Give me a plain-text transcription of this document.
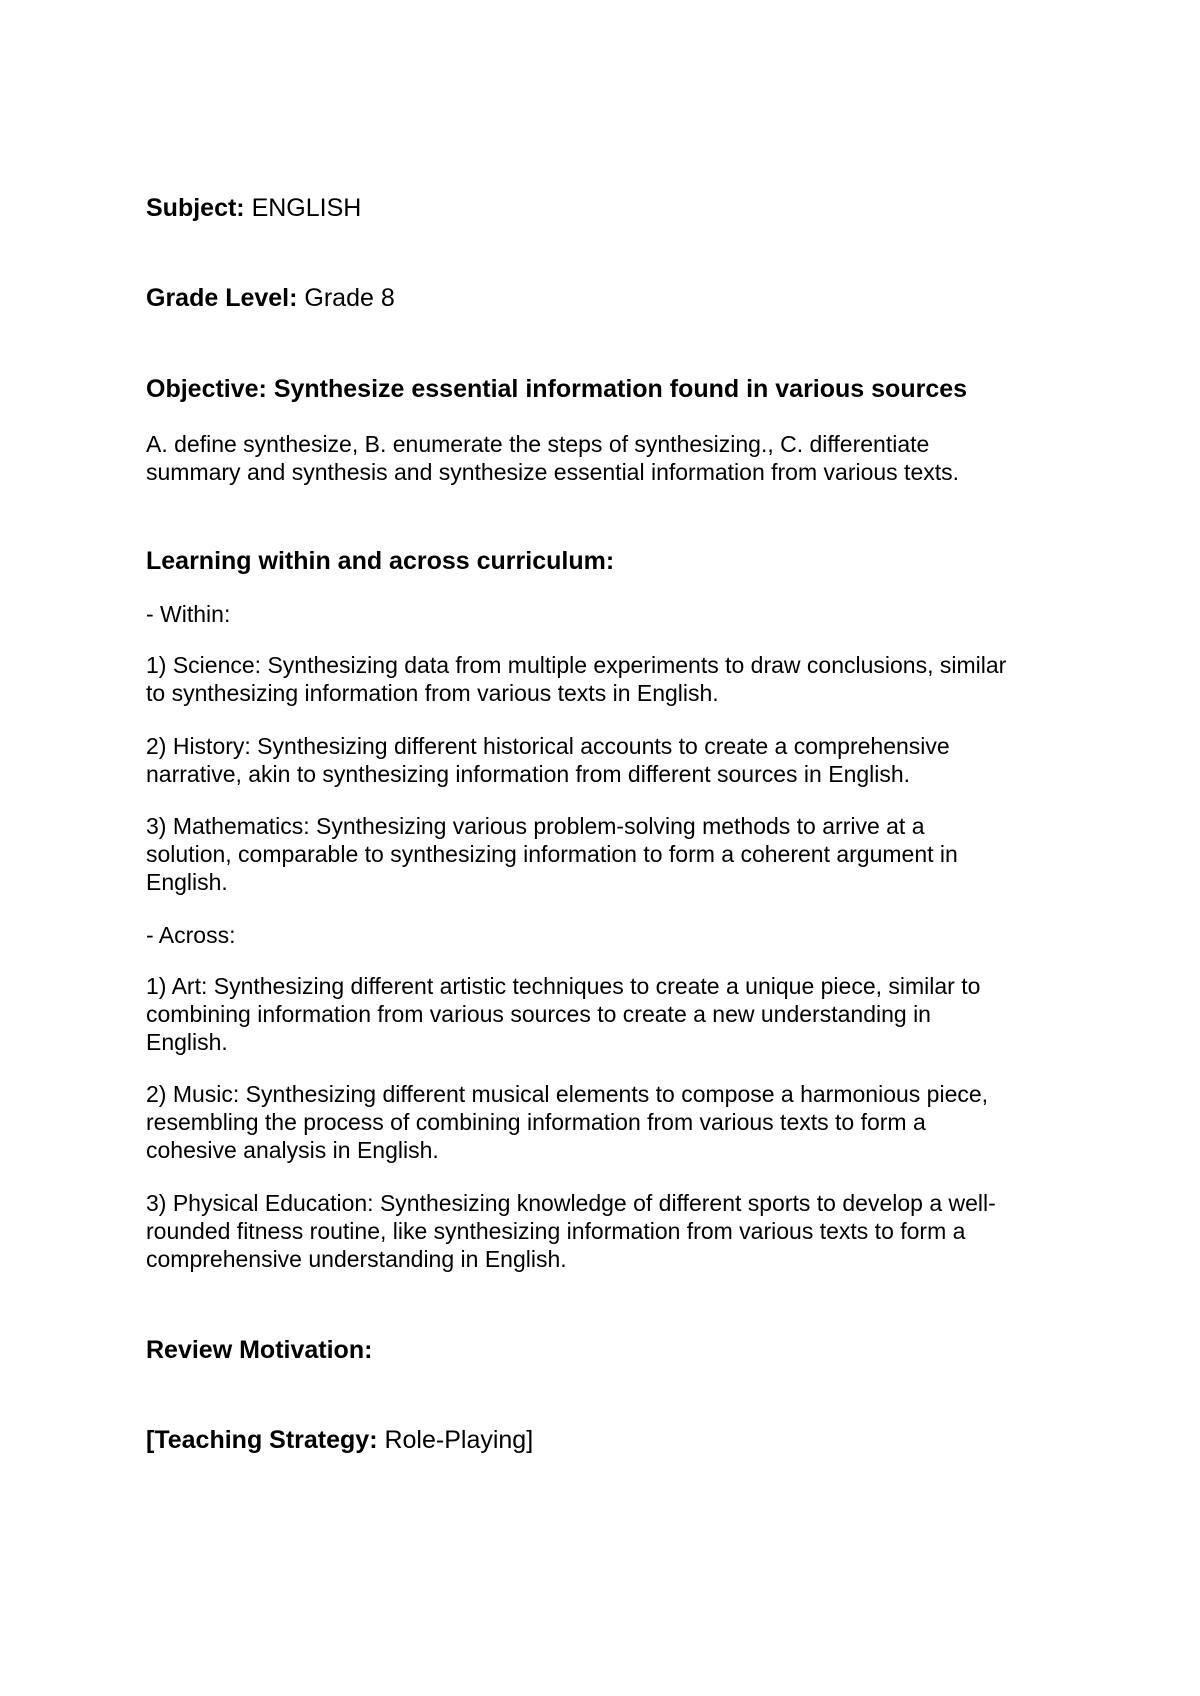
Subject: ENGLISH

Grade Level: Grade 8

Objective: Synthesize essential information found in various sources

A. define synthesize, B. enumerate the steps of synthesizing., C. differentiate
summary and synthesis and synthesize essential information from various texts.

Learning within and across curriculum:

- Within:

1) Science: Synthesizing data from multiple experiments to draw conclusions, similar
to synthesizing information from various texts in English.
2) History: Synthesizing different historical accounts to create a comprehensive
narrative, akin to synthesizing information from different sources in English.
3) Mathematics: Synthesizing various problem-solving methods to arrive at a
solution, comparable to synthesizing information to form a coherent argument in
English.

- Across:

1) Art: Synthesizing different artistic techniques to create a unique piece, similar to
combining information from various sources to create a new understanding in
English.
2) Music: Synthesizing different musical elements to compose a harmonious piece,
resembling the process of combining information from various texts to form a
cohesive analysis in English.
3) Physical Education: Synthesizing knowledge of different sports to develop a well-
rounded fitness routine, like synthesizing information from various texts to form a
comprehensive understanding in English.

Review Motivation:

[Teaching Strategy: Role-Playing]
